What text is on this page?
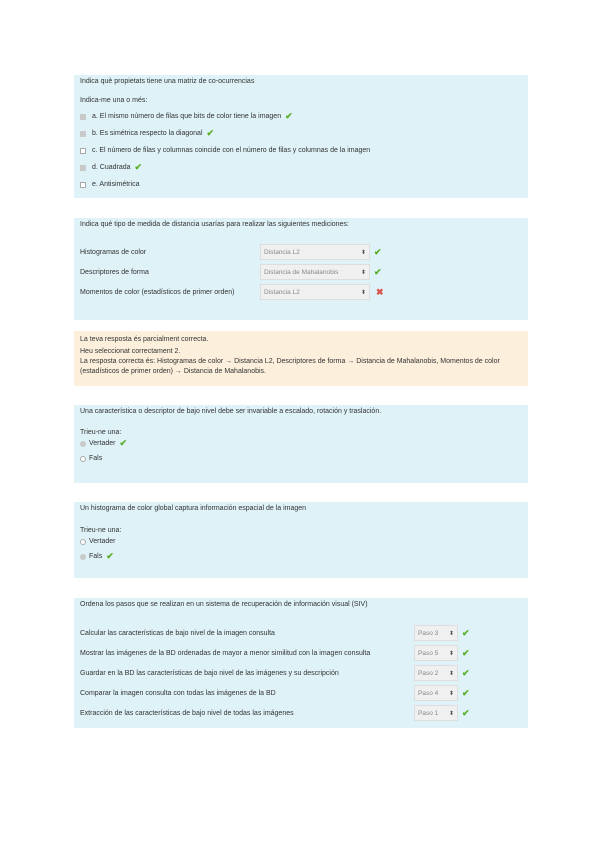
Indica què propietats tiene una matriz de co-ocurrencias
Indica-me una o més:
a. El mismo número de filas que bits de color tiene la imagen ✔
b. Es simétrica respecto la diagonal ✔
c. El número de filas y columnas coincide con el número de filas y columnas de la imagen
d. Cuadrada ✔
e. Antisimétrica
Indica qué tipo de medida de distancia usarías para realizar las siguientes mediciones:
Histogramas de color	Distancia L2	⬍ ✔
Descriptores de forma	Distancia de Mahalanobis	⬍ ✔
Momentos de color (estadísticos de primer orden)	Distancia L2	⬍ ✖
La teva resposta és parcialment correcta.
Heu seleccionat correctament 2.
La resposta correcta és: Histogramas de color → Distancia L2, Descriptores de forma → Distancia de Mahalanobis, Momentos de color (estadísticos de primer orden) → Distancia de Mahalanobis.
Una característica o descriptor de bajo nivel debe ser invariable a escalado, rotación y traslación.
Trieu-ne una:
Vertader ✔
Fals
Un histograma de color global captura información espacial de la imagen
Trieu-ne una:
Vertader
Fals ✔
Ordena los pasos que se realizan en un sistema de recuperación de información visual (SIV)
Calcular las características de bajo nivel de la imagen consulta	Paso 3 ⬍ ✔
Mostrar las imágenes de la BD ordenadas de mayor a menor similitud con la imagen consulta	Paso 5 ⬍ ✔
Guardar en la BD las características de bajo nivel de las imágenes y su descripción	Paso 2 ⬍ ✔
Comparar la imagen consulta con todas las imágenes de la BD	Paso 4 ⬍ ✔
Extracción de las características de bajo nivel de todas las imágenes	Paso 1 ⬍ ✔
